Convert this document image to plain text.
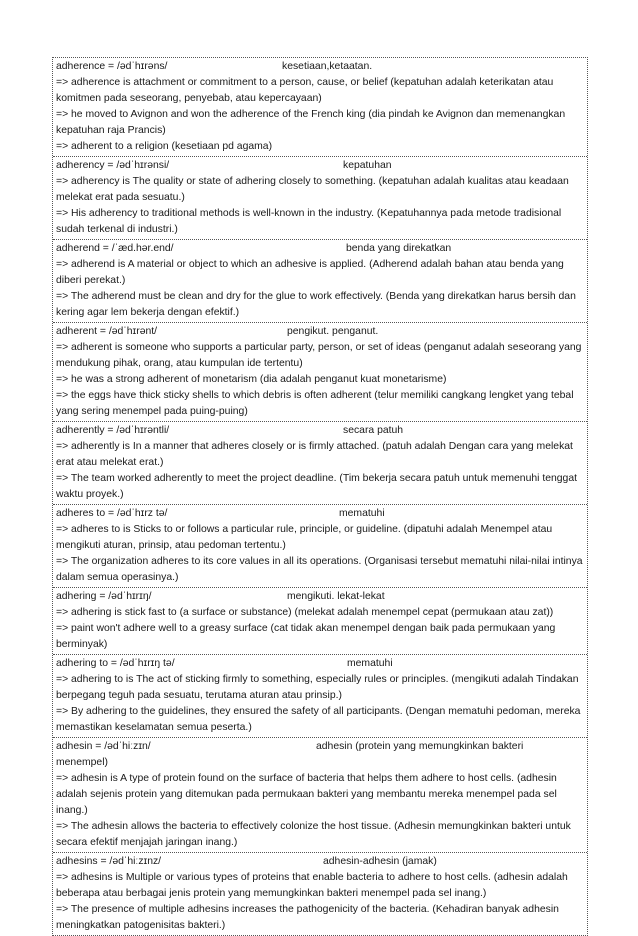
adherence = /ədˈhɪrəns/	kesetiaan,ketaatan.
=> adherence is attachment or commitment to a person, cause, or belief (kepatuhan adalah keterikatan atau komitmen pada seseorang, penyebab, atau kepercayaan)
=> he moved to Avignon and won the adherence of the French king (dia pindah ke Avignon dan memenangkan kepatuhan raja Prancis)
=> adherent to a religion (kesetiaan pd agama)
adherency = /ədˈhɪrənsi/	kepatuhan
=> adherency is The quality or state of adhering closely to something. (kepatuhan adalah kualitas atau keadaan melekat erat pada sesuatu.)
=> His adherency to traditional methods is well-known in the industry. (Kepatuhannya pada metode tradisional sudah terkenal di industri.)
adherend = /ˈæd.hər.end/	benda yang direkatkan
=> adherend is A material or object to which an adhesive is applied. (Adherend adalah bahan atau benda yang diberi perekat.)
=> The adherend must be clean and dry for the glue to work effectively. (Benda yang direkatkan harus bersih dan kering agar lem bekerja dengan efektif.)
adherent = /ədˈhɪrənt/	pengikut. penganut.
=> adherent is someone who supports a particular party, person, or set of ideas (penganut adalah seseorang yang mendukung pihak, orang, atau kumpulan ide tertentu)
=> he was a strong adherent of monetarism (dia adalah penganut kuat monetarisme)
=> the eggs have thick sticky shells to which debris is often adherent (telur memiliki cangkang lengket yang tebal yang sering menempel pada puing-puing)
adherently = /ədˈhɪrəntli/	secara patuh
=> adherently is In a manner that adheres closely or is firmly attached. (patuh adalah Dengan cara yang melekat erat atau melekat erat.)
=> The team worked adherently to meet the project deadline. (Tim bekerja secara patuh untuk memenuhi tenggat waktu proyek.)
adheres to = /ədˈhɪrz tə/	mematuhi
=> adheres to is Sticks to or follows a particular rule, principle, or guideline. (dipatuhi adalah Menempel atau mengikuti aturan, prinsip, atau pedoman tertentu.)
=> The organization adheres to its core values in all its operations. (Organisasi tersebut mematuhi nilai-nilai intinya dalam semua operasinya.)
adhering = /ədˈhɪrɪŋ/	mengikuti. lekat-lekat
=> adhering is stick fast to (a surface or substance) (melekat adalah menempel cepat (permukaan atau zat))
=> paint won't adhere well to a greasy surface (cat tidak akan menempel dengan baik pada permukaan yang berminyak)
adhering to = /ədˈhɪrɪŋ tə/	mematuhi
=> adhering to is The act of sticking firmly to something, especially rules or principles. (mengikuti adalah Tindakan berpegang teguh pada sesuatu, terutama aturan atau prinsip.)
=> By adhering to the guidelines, they ensured the safety of all participants. (Dengan mematuhi pedoman, mereka memastikan keselamatan semua peserta.)
adhesin = /ədˈhiːzɪn/	adhesin (protein yang memungkinkan bakteri
menempel)
=> adhesin is A type of protein found on the surface of bacteria that helps them adhere to host cells. (adhesin adalah sejenis protein yang ditemukan pada permukaan bakteri yang membantu mereka menempel pada sel inang.)
=> The adhesin allows the bacteria to effectively colonize the host tissue. (Adhesin memungkinkan bakteri untuk secara efektif menjajah jaringan inang.)
adhesins = /ədˈhiːzɪnz/	adhesin-adhesin (jamak)
=> adhesins is Multiple or various types of proteins that enable bacteria to adhere to host cells. (adhesin adalah beberapa atau berbagai jenis protein yang memungkinkan bakteri menempel pada sel inang.)
=> The presence of multiple adhesins increases the pathogenicity of the bacteria. (Kehadiran banyak adhesin meningkatkan patogenisitas bakteri.)
